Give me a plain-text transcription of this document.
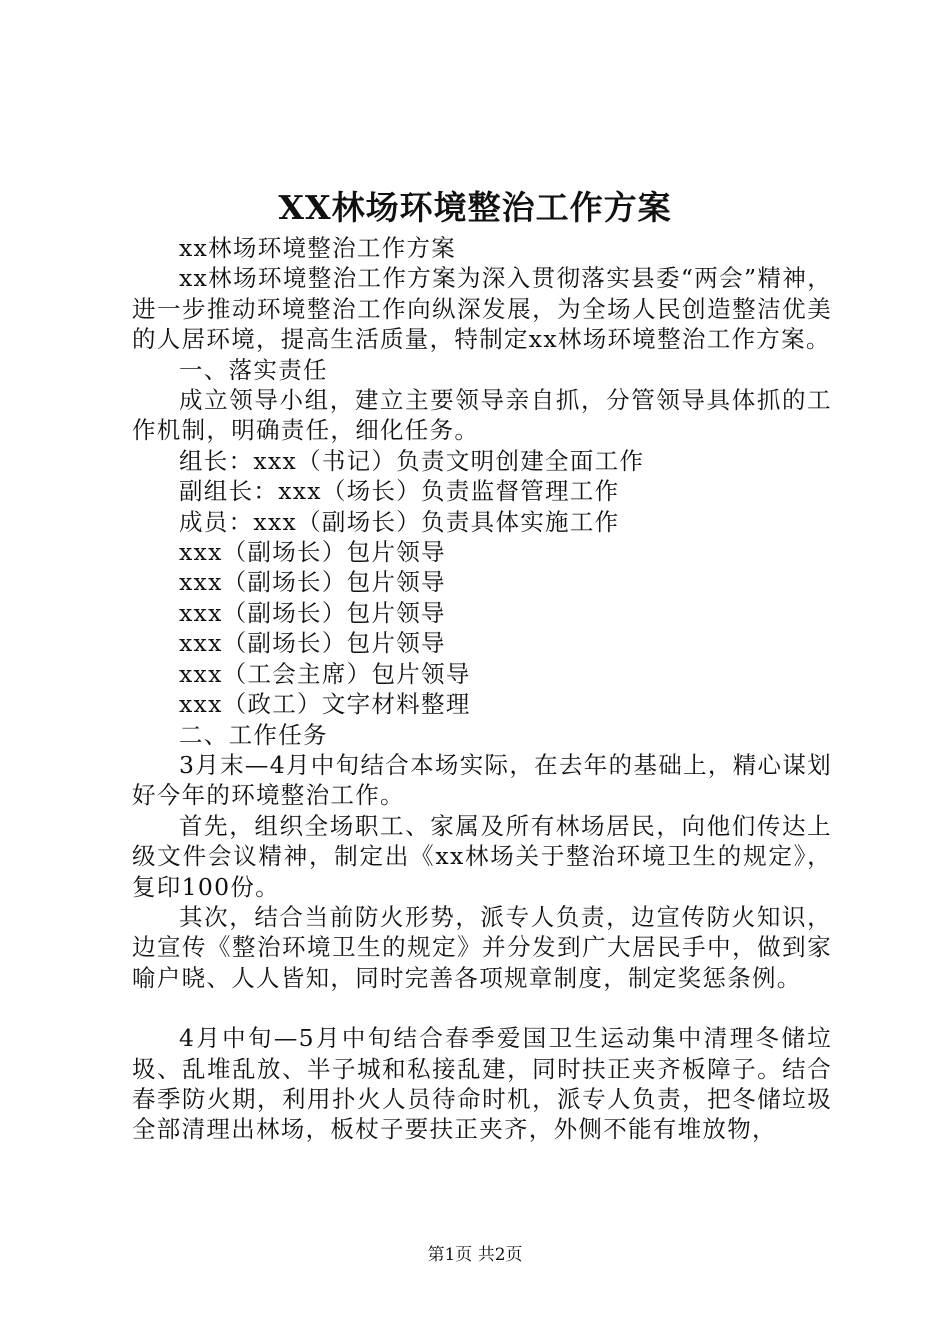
XX林场环境整治工作方案

xx林场环境整治工作方案

xx林场环境整治工作方案为深入贯彻落实县委“两会”精神，进一步推动环境整治工作向纵深发展，为全场人民创造整洁优美的人居环境，提高生活质量，特制定xx林场环境整治工作方案。

一、落实责任

成立领导小组，建立主要领导亲自抓，分管领导具体抓的工作机制，明确责任，细化任务。

组长：xxx（书记）负责文明创建全面工作

副组长：xxx（场长）负责监督管理工作

成员：xxx（副场长）负责具体实施工作

xxx（副场长）包片领导

xxx（副场长）包片领导

xxx（副场长）包片领导

xxx（副场长）包片领导

xxx（工会主席）包片领导

xxx（政工）文字材料整理

二、工作任务

3月末—4月中旬结合本场实际，在去年的基础上，精心谋划好今年的环境整治工作。

首先，组织全场职工、家属及所有林场居民，向他们传达上级文件会议精神，制定出《xx林场关于整治环境卫生的规定》，复印100份。

其次，结合当前防火形势，派专人负责，边宣传防火知识，边宣传《整治环境卫生的规定》并分发到广大居民手中，做到家喻户晓、人人皆知，同时完善各项规章制度，制定奖惩条例。

4月中旬—5月中旬结合春季爱国卫生运动集中清理冬储垃圾、乱堆乱放、半子城和私接乱建，同时扶正夹齐板障子。结合春季防火期，利用扑火人员待命时机，派专人负责，把冬储垃圾全部清理出林场，板杖子要扶正夹齐，外侧不能有堆放物，

第1页 共2页
